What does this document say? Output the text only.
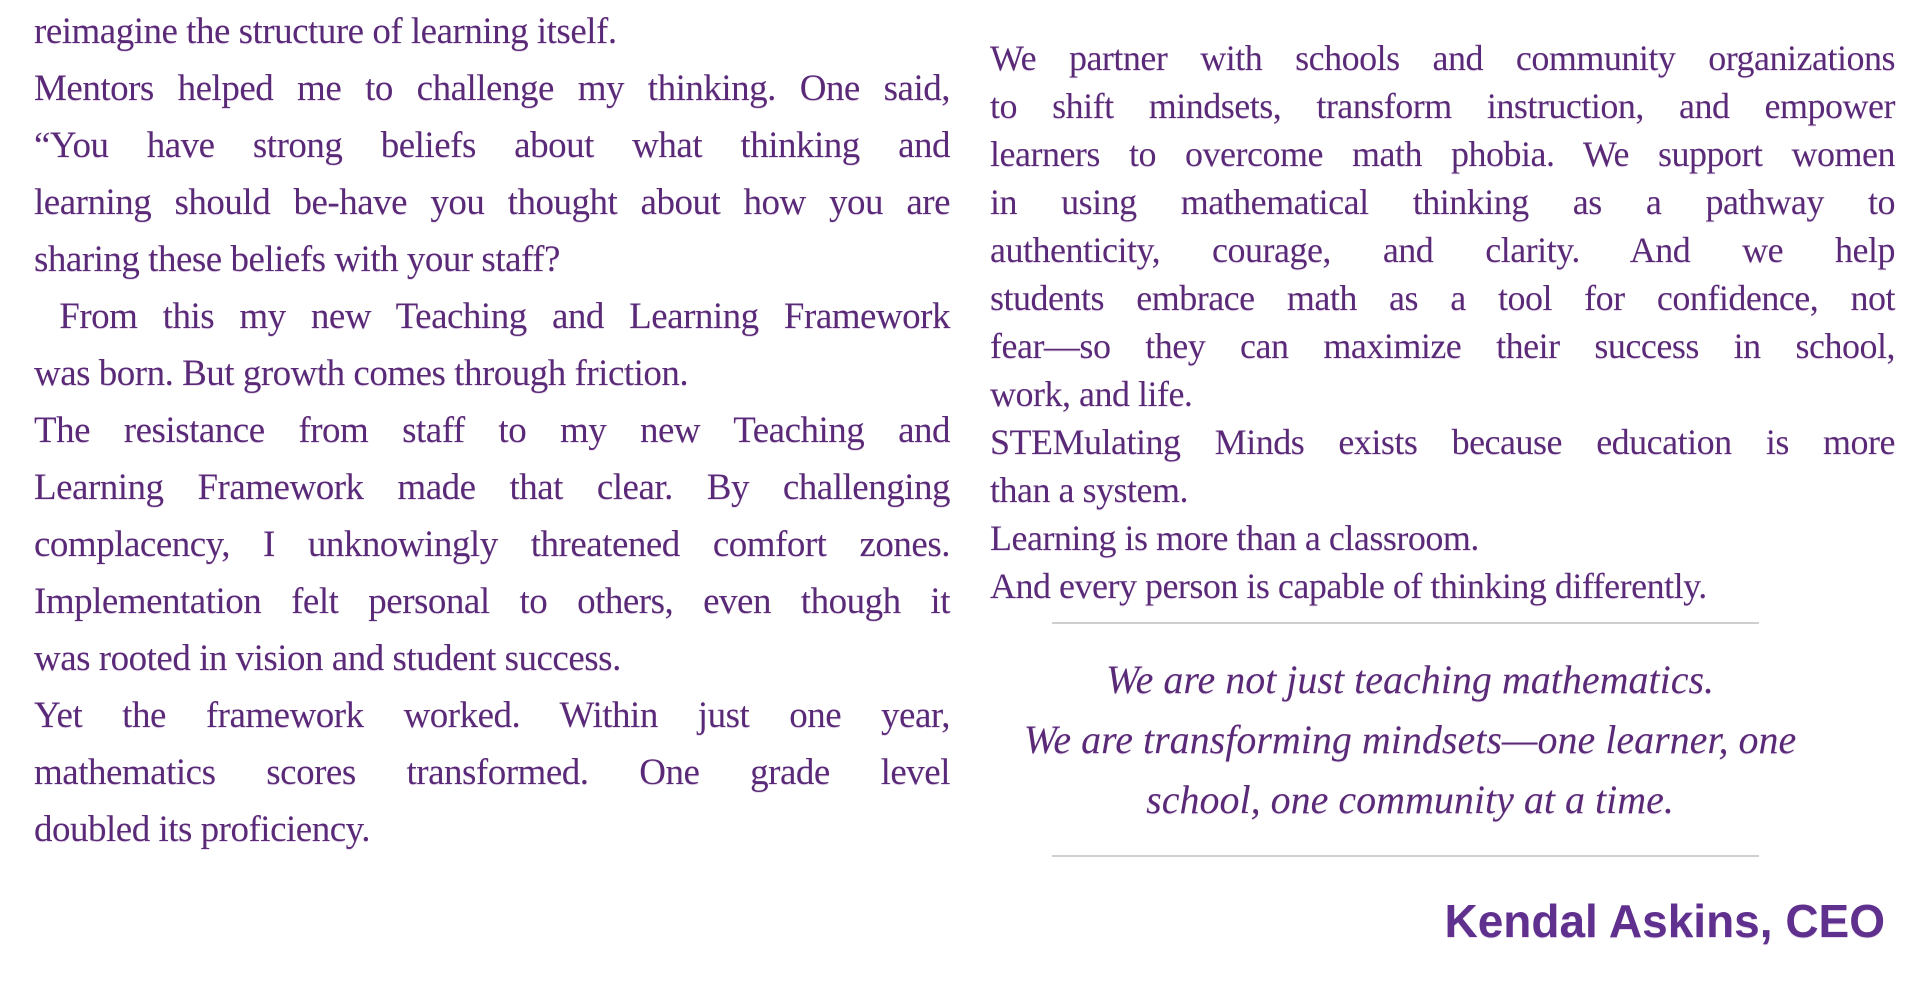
reimagine the structure of learning itself.
Mentors helped me to challenge my thinking. One said,
“You have strong beliefs about what thinking and
learning should be-have you thought about how you are
sharing these beliefs with your staff?
From this my new Teaching and Learning Framework
was born. But growth comes through friction.
The resistance from staff to my new Teaching and
Learning Framework made that clear. By challenging
complacency, I unknowingly threatened comfort zones.
Implementation felt personal to others, even though it
was rooted in vision and student success.
Yet the framework worked. Within just one year,
mathematics scores transformed. One grade level
doubled its proficiency.
We partner with schools and community organizations
to shift mindsets, transform instruction, and empower
learners to overcome math phobia. We support women
in using mathematical thinking as a pathway to
authenticity, courage, and clarity. And we help
students embrace math as a tool for confidence, not
fear—so they can maximize their success in school,
work, and life.
STEMulating Minds exists because education is more
than a system.
Learning is more than a classroom.
And every person is capable of thinking differently.
We are not just teaching mathematics.
We are transforming mindsets—one learner, one
school, one community at a time.
Kendal Askins, CEO
